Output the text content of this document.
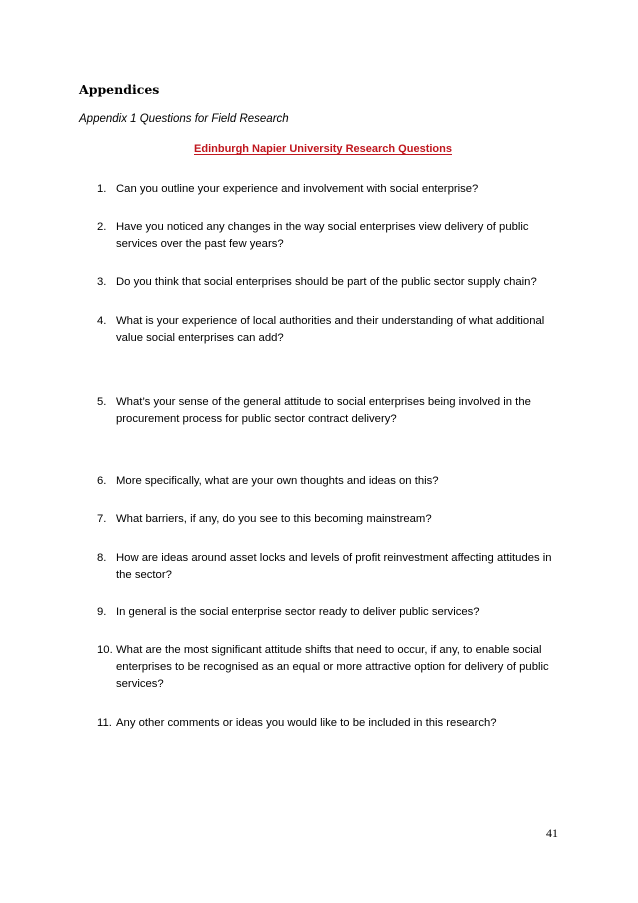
Appendices
Appendix 1 Questions for Field Research
Edinburgh Napier University Research Questions
1. Can you outline your experience and involvement with social enterprise?
2. Have you noticed any changes in the way social enterprises view delivery of public services over the past few years?
3. Do you think that social enterprises should be part of the public sector supply chain?
4. What is your experience of local authorities and their understanding of what additional value social enterprises can add?
5. What’s your sense of the general attitude to social enterprises being involved in the procurement process for public sector contract delivery?
6. More specifically, what are your own thoughts and ideas on this?
7. What barriers, if any, do you see to this becoming mainstream?
8. How are ideas around asset locks and levels of profit reinvestment affecting attitudes in the sector?
9. In general is the social enterprise sector ready to deliver public services?
10. What are the most significant attitude shifts that need to occur, if any, to enable social enterprises to be recognised as an equal or more attractive option for delivery of public services?
11. Any other comments or ideas you would like to be included in this research?
41
